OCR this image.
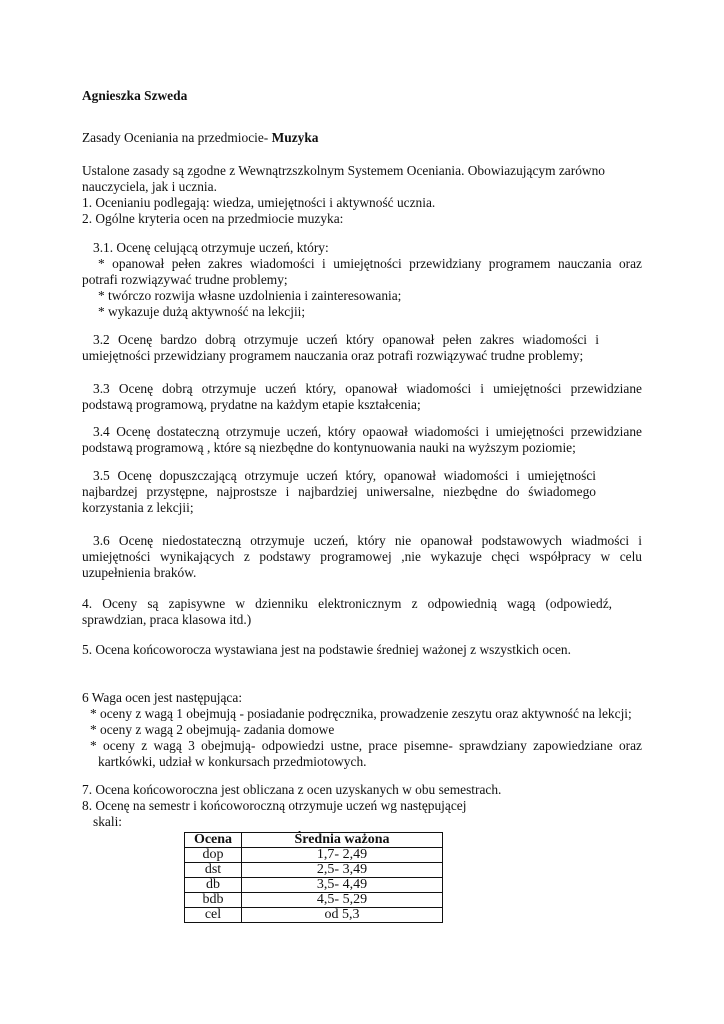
Agnieszka Szweda
Zasady Oceniania na przedmiocie- Muzyka
Ustalone zasady są zgodne z Wewnątrzszkolnym Systemem Oceniania. Obowiazującym zarówno
nauczyciela, jak i ucznia.
1. Ocenianiu podlegają: wiedza, umiejętności i aktywność ucznia.
2. Ogólne kryteria ocen na przedmiocie muzyka:
3.1. Ocenę celującą otrzymuje uczeń, który:
* opanował pełen zakres wiadomości i umiejętności przewidziany programem nauczania oraz
potrafi rozwiązywać trudne problemy;
* twórczo rozwija własne uzdolnienia i zainteresowania;
* wykazuje dużą aktywność na lekcjii;
3.2 Ocenę bardzo dobrą otrzymuje uczeń który opanował pełen zakres wiadomości i
umiejętności przewidziany programem nauczania oraz potrafi rozwiązywać trudne problemy;
3.3 Ocenę dobrą otrzymuje uczeń który, opanował wiadomości i umiejętności przewidziane
podstawą programową, prydatne na każdym etapie kształcenia;
3.4 Ocenę dostateczną otrzymuje uczeń, który opaował wiadomości i umiejętności przewidziane
podstawą programową , które są niezbędne do kontynuowania nauki na wyższym poziomie;
3.5 Ocenę dopuszczającą otrzymuje uczeń który, opanował wiadomości i umiejętności
najbardzej przystępne, najprostsze i najbardziej uniwersalne, niezbędne do świadomego
korzystania z lekcjii;
3.6 Ocenę niedostateczną otrzymuje uczeń, który nie opanował podstawowych wiadmości i
umiejętności wynikających z podstawy programowej ,nie wykazuje chęci współpracy w celu
uzupełnienia braków.
4. Oceny są zapisywne w dzienniku elektronicznym z odpowiednią wagą (odpowiedź,
sprawdzian, praca klasowa itd.)
5. Ocena końcoworocza wystawiana jest na podstawie średniej ważonej z wszystkich ocen.
6 Waga ocen jest następująca:
* oceny z wagą 1 obejmują - posiadanie podręcznika, prowadzenie zeszytu oraz aktywność na lekcji;
* oceny z wagą 2 obejmują- zadania domowe
* oceny z wagą 3 obejmują- odpowiedzi ustne, prace pisemne- sprawdziany zapowiedziane oraz
kartkówki, udział w konkursach przedmiotowych.
7. Ocena końcoworoczna jest obliczana z ocen uzyskanych w obu semestrach.
8. Ocenę na semestr i końcoworoczną otrzymuje uczeń wg następującej
skali:
Ocena	Średnia ważona
dop	1,7- 2,49
dst	2,5- 3,49
db	3,5- 4,49
bdb	4,5- 5,29
cel	od 5,3
